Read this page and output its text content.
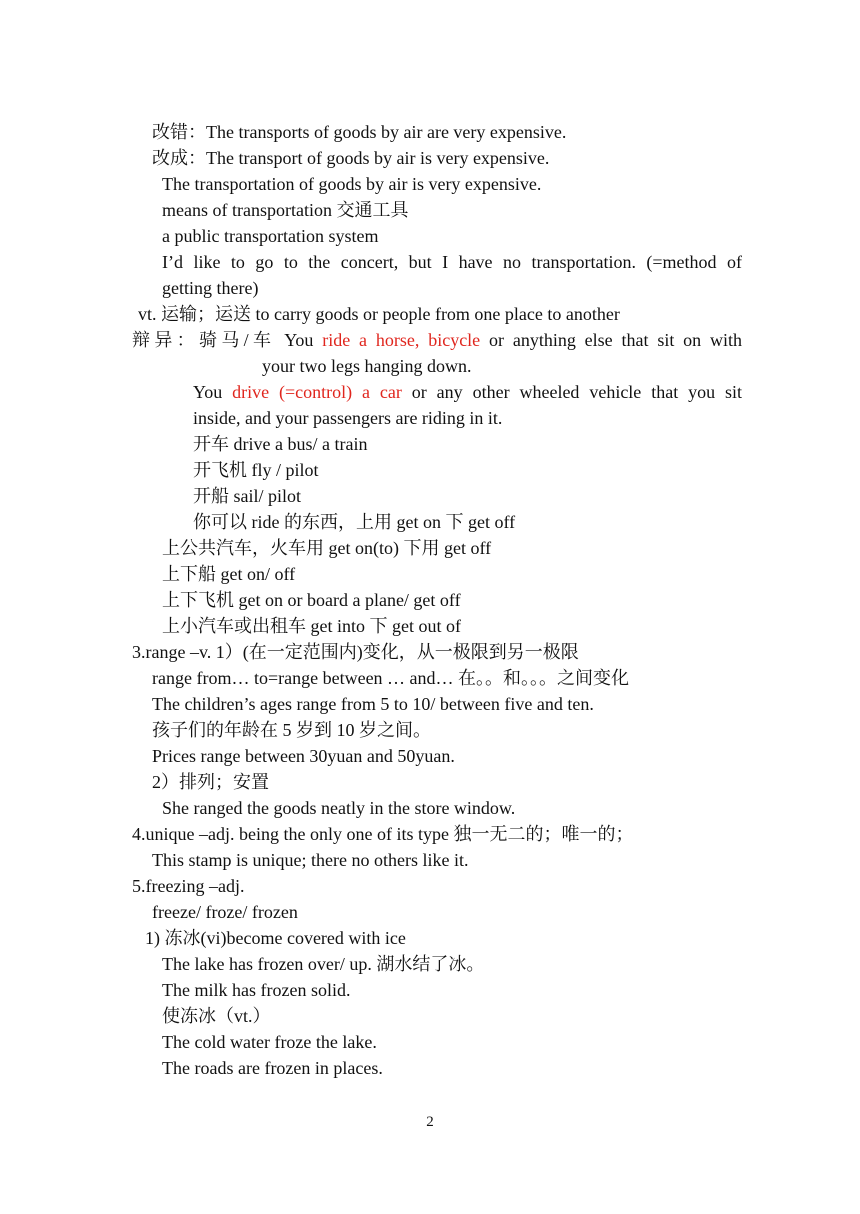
改错：The transports of goods by air are very expensive.
改成：The transport of goods by air is very expensive.
The transportation of goods by air is very expensive.
means of transportation 交通工具
a public transportation system
I’d like to go to the concert, but I have no transportation. (=method of
getting there)
vt. 运输；运送 to carry goods or people from one place to another
辩异：骑马/车 You ride a horse, bicycle or anything else that sit on with
your two legs hanging down.
You drive (=control) a car or any other wheeled vehicle that you sit
inside, and your passengers are riding in it.
开车 drive a bus/ a train
开飞机 fly / pilot
开船 sail/ pilot
你可以 ride 的东西，上用 get on 下 get off
上公共汽车，火车用 get on(to) 下用 get off
上下船 get on/ off
上下飞机 get on or board a plane/ get off
上小汽车或出租车 get into 下 get out of
3.range –v. 1）(在一定范围内)变化，从一极限到另一极限
range from… to=range between … and… 在。。和。。。之间变化
The children’s ages range from 5 to 10/ between five and ten.
孩子们的年龄在 5 岁到 10 岁之间。
Prices range between 30yuan and 50yuan.
2）排列；安置
She ranged the goods neatly in the store window.
4.unique –adj. being the only one of its type 独一无二的；唯一的；
This stamp is unique; there no others like it.
5.freezing –adj.
freeze/ froze/ frozen
1) 冻冰(vi)become covered with ice
The lake has frozen over/ up. 湖水结了冰。
The milk has frozen solid.
使冻冰（vt.）
The cold water froze the lake.
The roads are frozen in places.
2
